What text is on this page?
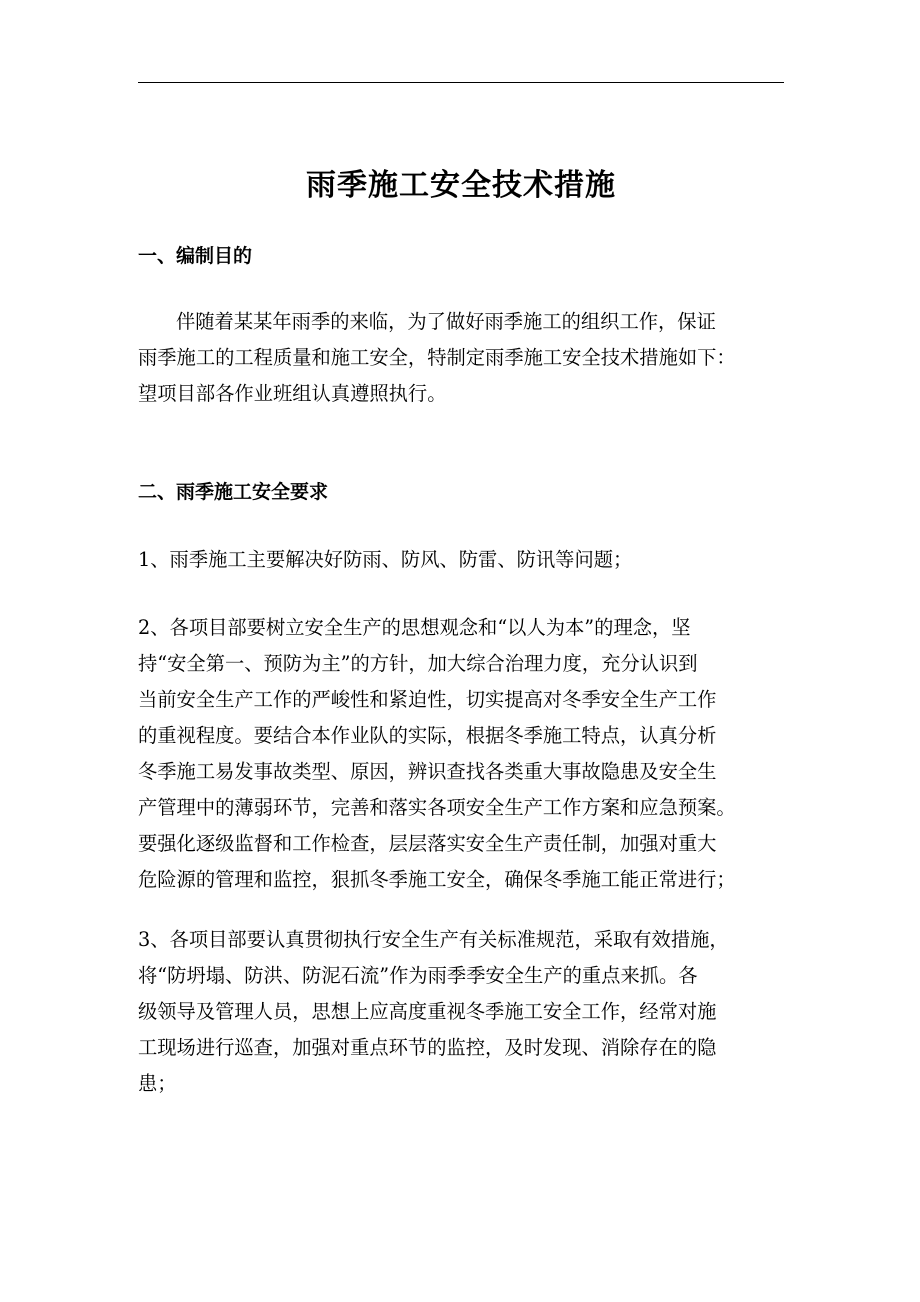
雨季施工安全技术措施
一、编制目的
伴随着某某年雨季的来临，为了做好雨季施工的组织工作，保证
雨季施工的工程质量和施工安全，特制定雨季施工安全技术措施如下：
望项目部各作业班组认真遵照执行。
二、雨季施工安全要求
1、雨季施工主要解决好防雨、防风、防雷、防讯等问题；
2、各项目部要树立安全生产的思想观念和“以人为本”的理念，坚
持“安全第一、预防为主”的方针，加大综合治理力度，充分认识到
当前安全生产工作的严峻性和紧迫性，切实提高对冬季安全生产工作
的重视程度。要结合本作业队的实际，根据冬季施工特点，认真分析
冬季施工易发事故类型、原因，辨识查找各类重大事故隐患及安全生
产管理中的薄弱环节，完善和落实各项安全生产工作方案和应急预案。
要强化逐级监督和工作检查，层层落实安全生产责任制，加强对重大
危险源的管理和监控，狠抓冬季施工安全，确保冬季施工能正常进行；
3、各项目部要认真贯彻执行安全生产有关标准规范，采取有效措施，
将“防坍塌、防洪、防泥石流”作为雨季季安全生产的重点来抓。各
级领导及管理人员，思想上应高度重视冬季施工安全工作，经常对施
工现场进行巡查，加强对重点环节的监控，及时发现、消除存在的隐
患；
